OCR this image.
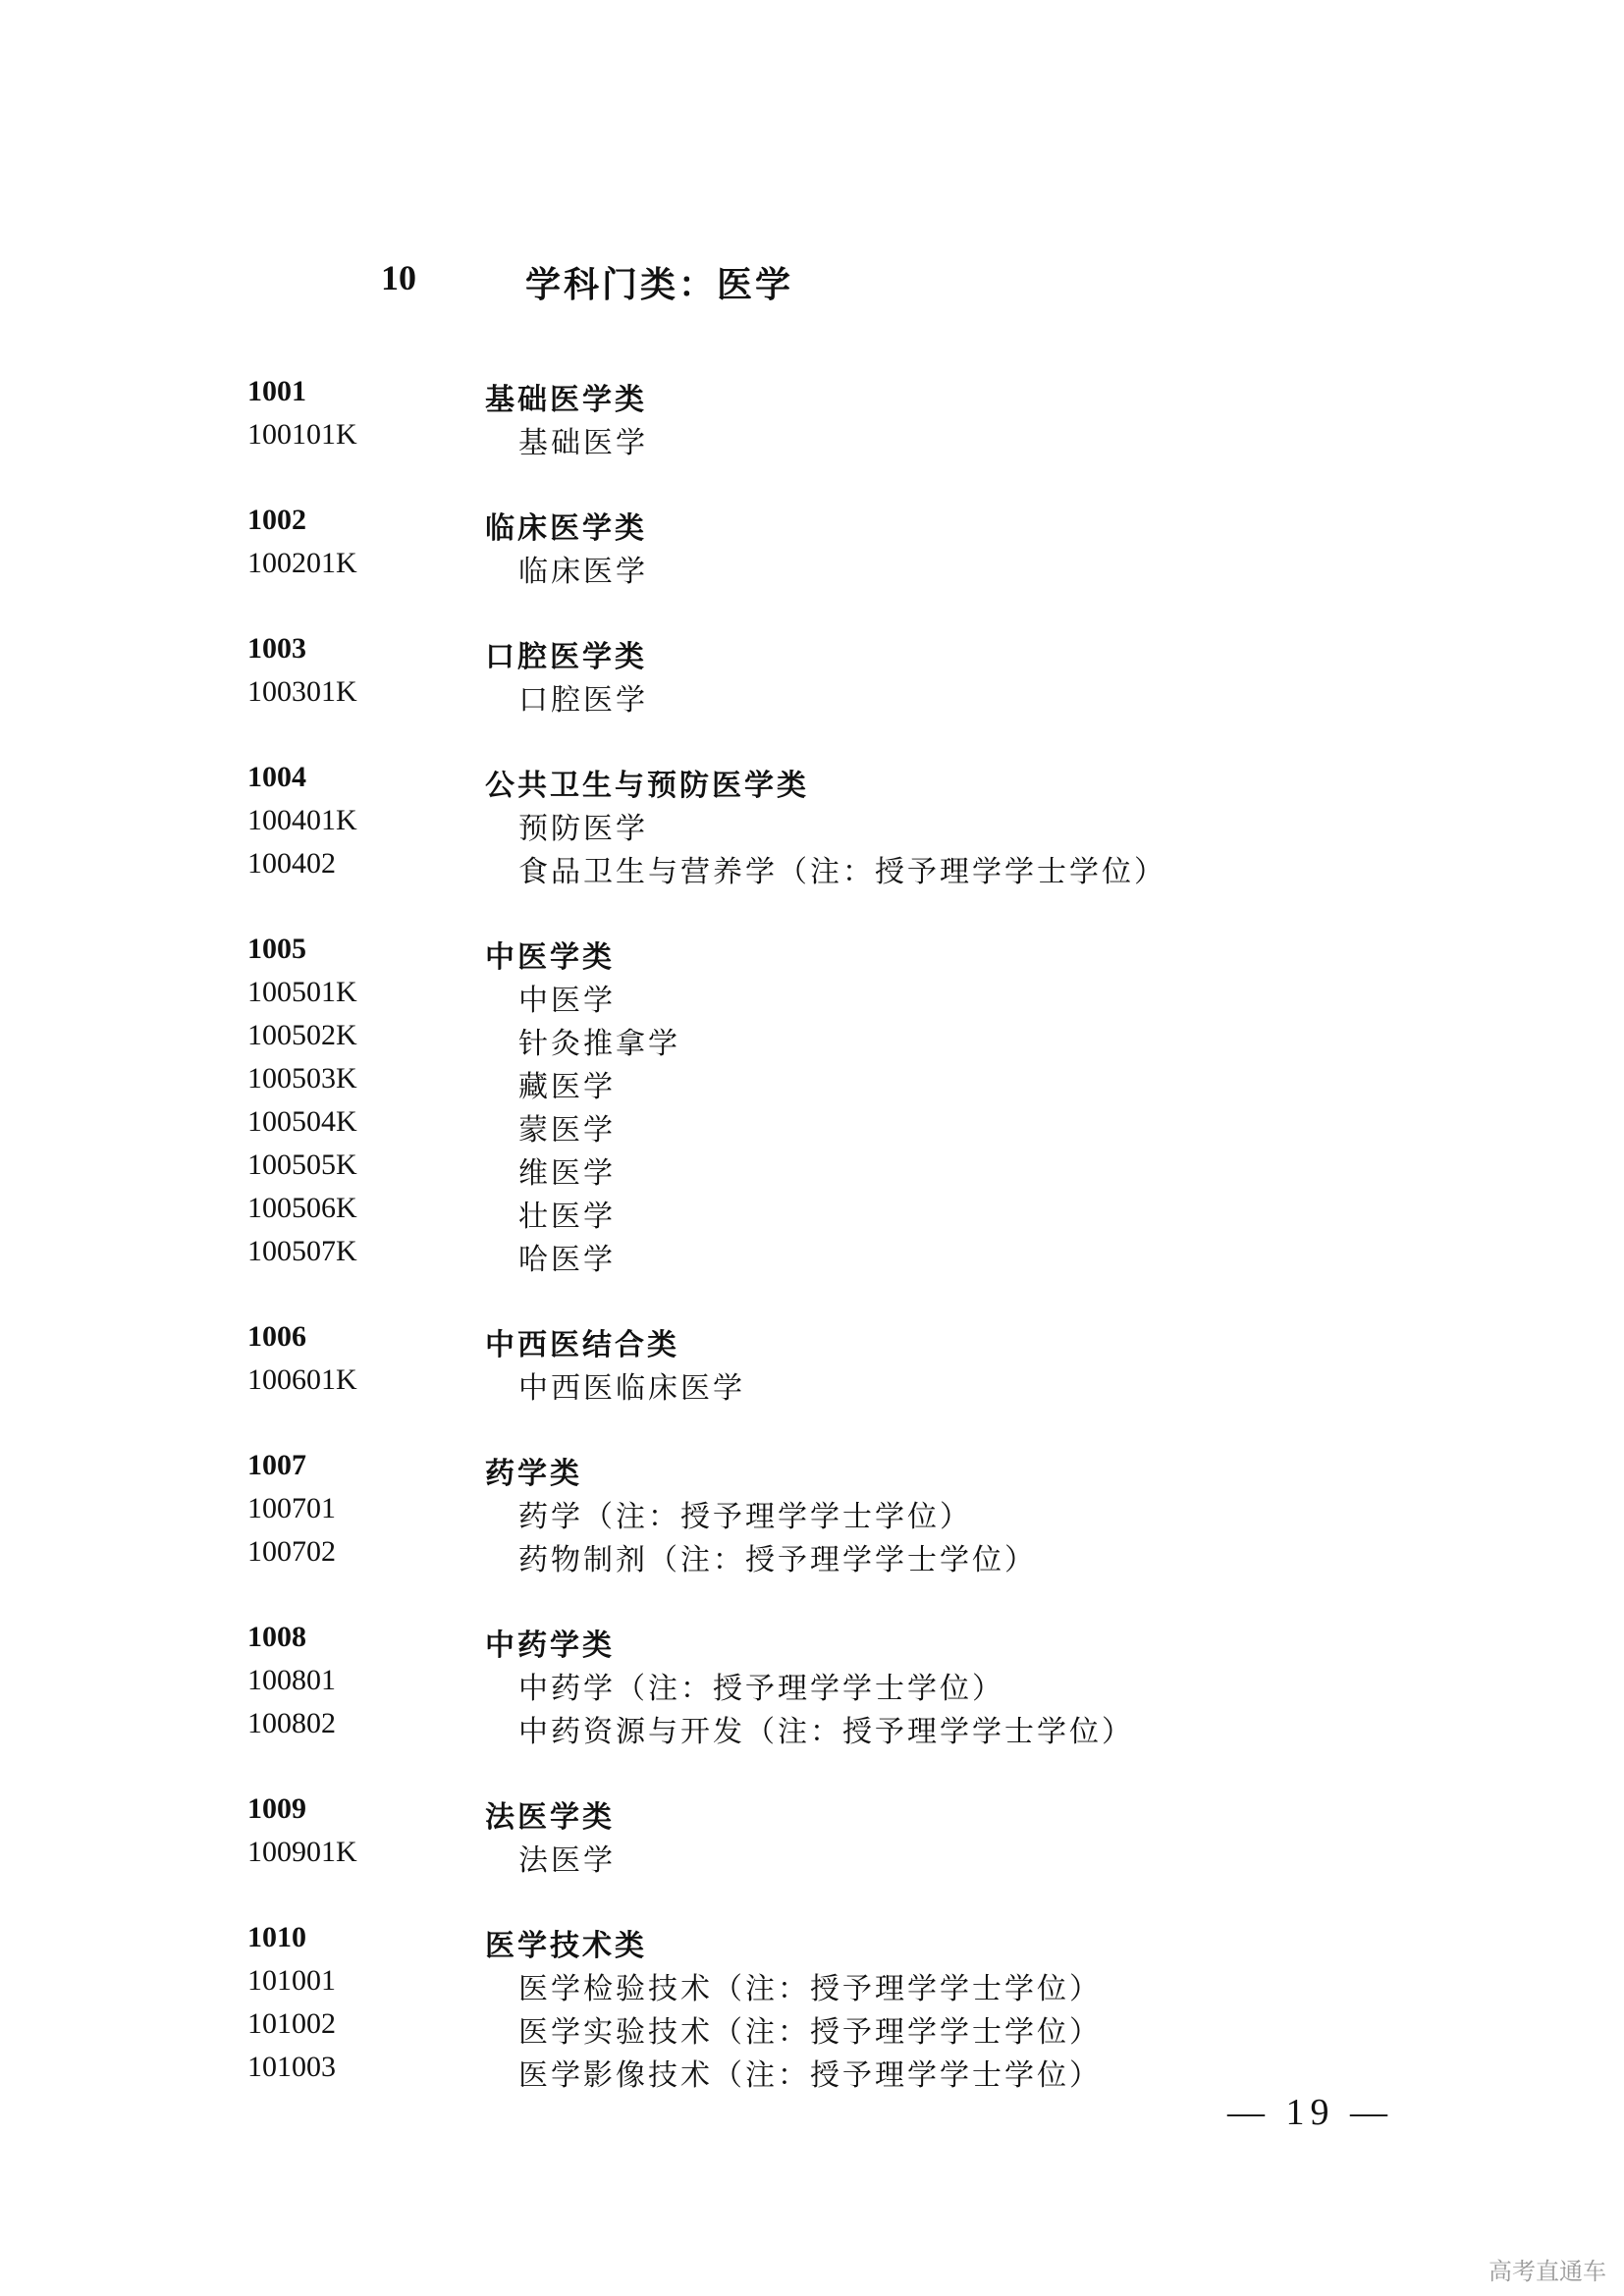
10	学科门类：医学
1001	基础医学类
100101K	基础医学
1002	临床医学类
100201K	临床医学
1003	口腔医学类
100301K	口腔医学
1004	公共卫生与预防医学类
100401K	预防医学
100402	食品卫生与营养学（注：授予理学学士学位）
1005	中医学类
100501K	中医学
100502K	针灸推拿学
100503K	藏医学
100504K	蒙医学
100505K	维医学
100506K	壮医学
100507K	哈医学
1006	中西医结合类
100601K	中西医临床医学
1007	药学类
100701	药学（注：授予理学学士学位）
100702	药物制剂（注：授予理学学士学位）
1008	中药学类
100801	中药学（注：授予理学学士学位）
100802	中药资源与开发（注：授予理学学士学位）
1009	法医学类
100901K	法医学
1010	医学技术类
101001	医学检验技术（注：授予理学学士学位）
101002	医学实验技术（注：授予理学学士学位）
101003	医学影像技术（注：授予理学学士学位）
— 19 —
高考直通车
